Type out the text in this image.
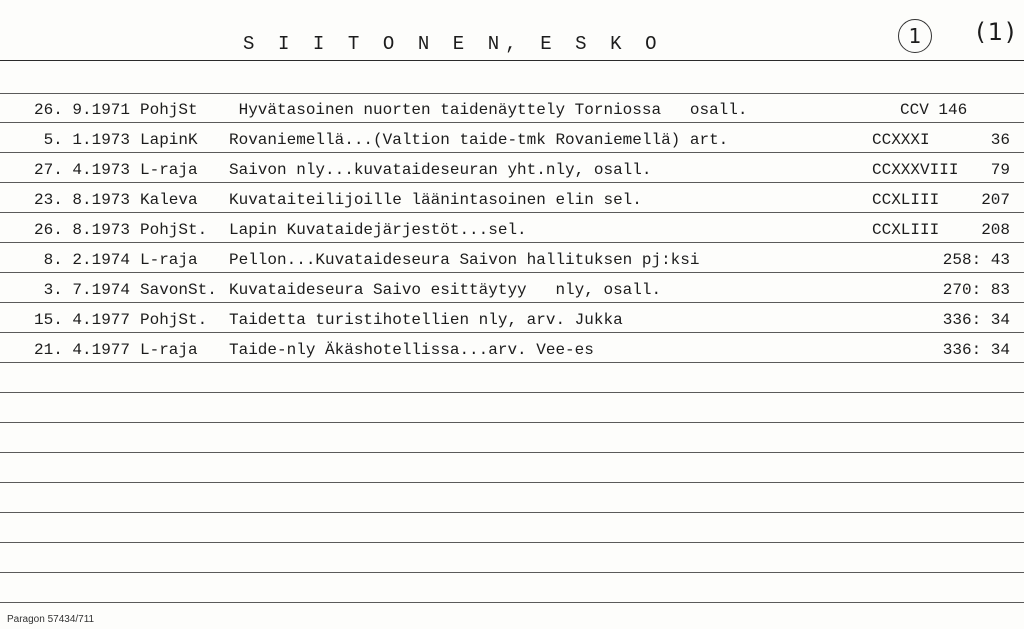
S I I T O N E N, E S K O	1	(1)
26. 9.1971 PohjSt Hyvätasoinen nuorten taidenäyttely Torniossa   osall.	CCV 146
5. 1.1973 LapinK Rovaniemellä...(Valtion taide-tmk Rovaniemellä) art.	CCXXXI	36
27. 4.1973 L-raja Saivon nly...kuvataideseuran yht.nly, osall.	CCXXXVIII 79
23. 8.1973 Kaleva Kuvataiteilijoille läänintasoinen elin sel.	CCXLIII	207
26. 8.1973 PohjSt. Lapin Kuvataidejärjestöt...sel.	CCXLIII	208
8. 2.1974 L-raja Pellon...Kuvataideseura Saivon hallituksen pj:ksi	258: 43
3. 7.1974 SavonSt. Kuvataideseura Saivo esittäytyy   nly, osall.	270: 83
15. 4.1977 PohjSt. Taidetta turistihotellien nly, arv. Jukka	336: 34
21. 4.1977 L-raja Taide-nly Äkäshotellissa...arv. Vee-es	336: 34
Paragon 57434/711
